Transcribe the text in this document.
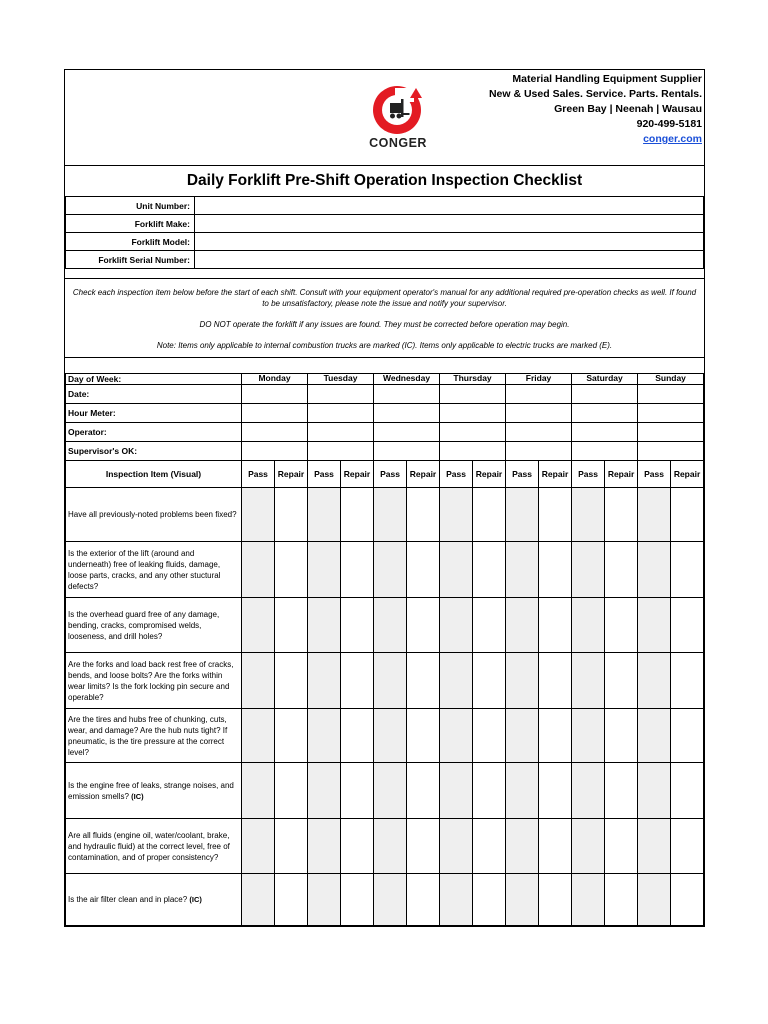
CONGER
Material Handling Equipment Supplier
New & Used Sales. Service. Parts. Rentals.
Green Bay | Neenah | Wausau
920-499-5181
conger.com
Daily Forklift Pre-Shift Operation Inspection Checklist
Unit Number:	
Forklift Make:	
Forklift Model:	
Forklift Serial Number:	

Check each inspection item below before the start of each shift. Consult with your equipment operator's manual for any additional required pre-operation checks as well. If found to be unsatisfactory, please note the issue and notify your supervisor.

DO NOT operate the forklift if any issues are found. They must be corrected before operation may begin.

Note: Items only applicable to internal combustion trucks are marked (IC). Items only applicable to electric trucks are marked (E).

Day of Week:	Monday		Tuesday		Wednesday		Thursday		Friday		Saturday		Sunday	
Date:														
Hour Meter:														
Operator:														
Supervisor's OK:														
Inspection Item (Visual)	Pass	Repair	Pass	Repair	Pass	Repair	Pass	Repair	Pass	Repair	Pass	Repair	Pass	Repair
Have all previously-noted problems been fixed?														
Is the exterior of the lift (around and underneath) free of leaking fluids, damage, loose parts, cracks, and any other stuctural defects?														
Is the overhead guard free of any damage, bending, cracks, compromised welds, looseness, and drill holes?														
Are the forks and load back rest free of cracks, bends, and loose bolts? Are the forks within wear limits? Is the fork locking pin secure and operable?														
Are the tires and hubs free of chunking, cuts, wear, and damage? Are the hub nuts tight? If pneumatic, is the tire pressure at the correct level?														
Is the engine free of leaks, strange noises, and emission smells? (IC)														
Are all fluids (engine oil, water/coolant, brake, and hydraulic fluid) at the correct level, free of contamination, and of proper consistency?														
Is the air filter clean and in place? (IC)														
